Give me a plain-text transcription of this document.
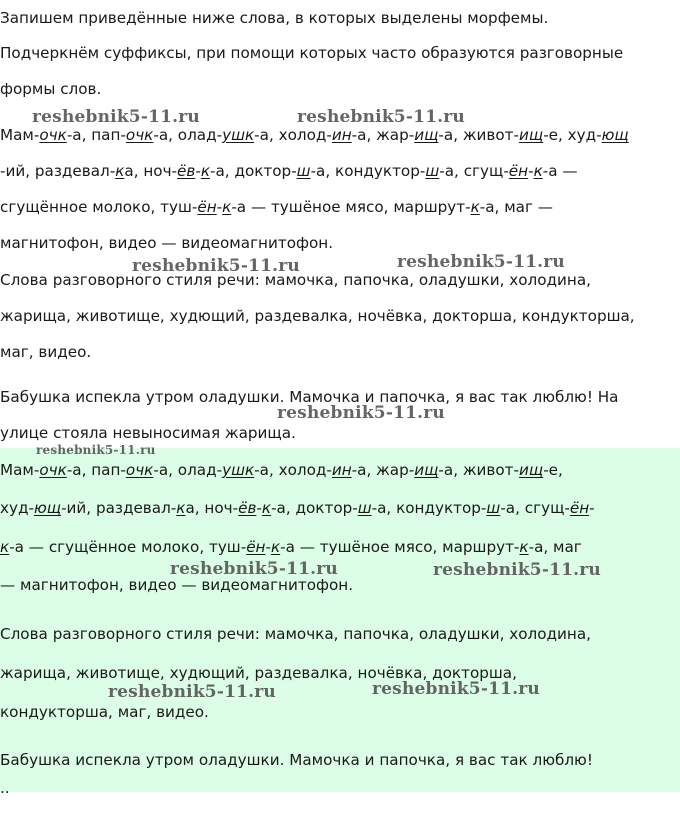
Запишем приведённые ниже слова, в которых выделены морфемы.

Подчеркнём суффиксы, при помощи которых часто образуются разговорные

формы слов.

Мам-очк-а, пап-очк-а, олад-ушк-а, холод-ин-а, жар-ищ-а, живот-ищ-е, худ-ющ

-ий, раздевал-ка, ноч-ёв-к-а, доктор-ш-а, кондуктор-ш-а, сгущ-ён-к-а —

сгущённое молоко, туш-ён-к-а — тушёное мясо, маршрут-к-а, маг —

магнитофон, видео — видеомагнитофон.

Слова разговорного стиля речи: мамочка, папочка, оладушки, холодина,

жарища, животище, худющий, раздевалка, ночёвка, докторша, кондукторша,

маг, видео.

Бабушка испекла утром оладушки. Мамочка и папочка, я вас так люблю! На

улице стояла невыносимая жарища.

Мам-очк-а, пап-очк-а, олад-ушк-а, холод-ин-а, жар-ищ-а, живот-ищ-е,

худ-ющ-ий, раздевал-ка, ноч-ёв-к-а, доктор-ш-а, кондуктор-ш-а, сгущ-ён-

к-а — сгущённое молоко, туш-ён-к-а — тушёное мясо, маршрут-к-а, маг

— магнитофон, видео — видеомагнитофон.

Слова разговорного стиля речи: мамочка, папочка, оладушки, холодина,

жарища, животище, худющий, раздевалка, ночёвка, докторша,

кондукторша, маг, видео.

Бабушка испекла утром оладушки. Мамочка и папочка, я вас так люблю!

..

reshebnik5-11.ru	reshebnik5-11.ru
reshebnik5-11.ru	reshebnik5-11.ru
reshebnik5-11.ru
reshebnik5-11.ru
reshebnik5-11.ru	reshebnik5-11.ru
reshebnik5-11.ru	reshebnik5-11.ru
